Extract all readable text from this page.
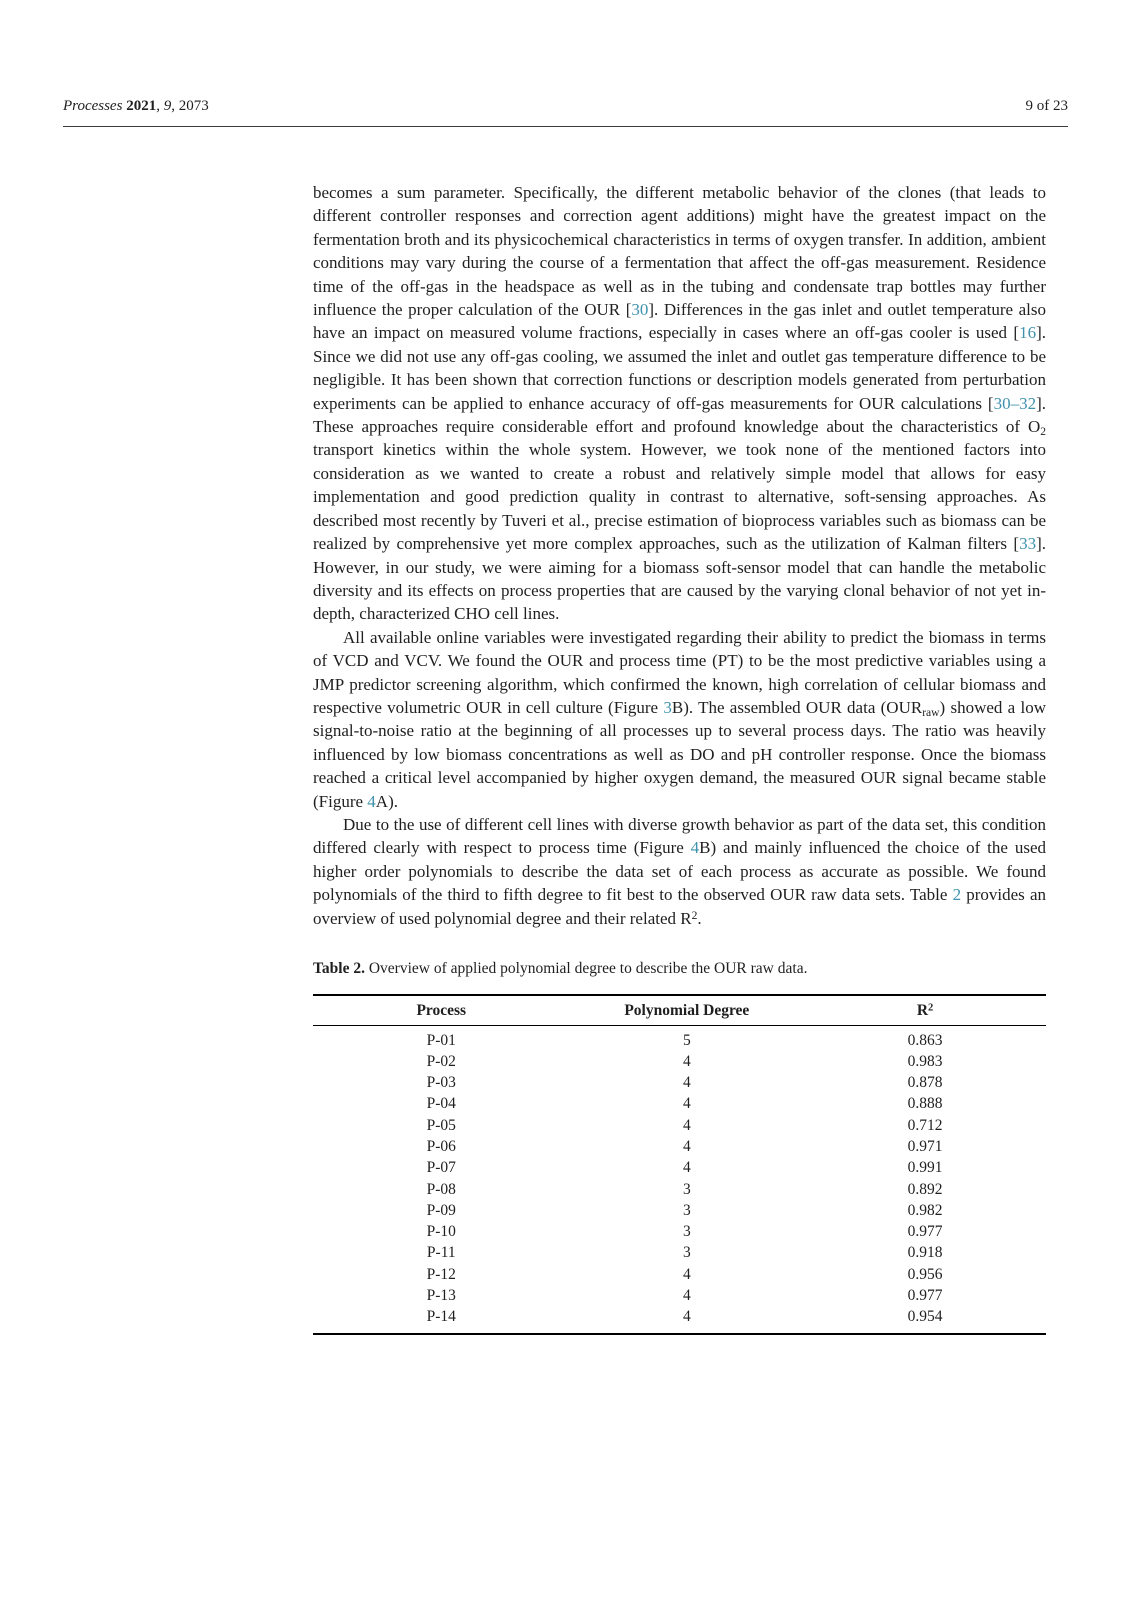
Processes 2021, 9, 2073	9 of 23

becomes a sum parameter. Specifically, the different metabolic behavior of the clones (that leads to different controller responses and correction agent additions) might have the greatest impact on the fermentation broth and its physicochemical characteristics in terms of oxygen transfer. In addition, ambient conditions may vary during the course of a fermentation that affect the off-gas measurement. Residence time of the off-gas in the headspace as well as in the tubing and condensate trap bottles may further influence the proper calculation of the OUR [30]. Differences in the gas inlet and outlet temperature also have an impact on measured volume fractions, especially in cases where an off-gas cooler is used [16]. Since we did not use any off-gas cooling, we assumed the inlet and outlet gas temperature difference to be negligible. It has been shown that correction functions or description models generated from perturbation experiments can be applied to enhance accuracy of off-gas measurements for OUR calculations [30–32]. These approaches require considerable effort and profound knowledge about the characteristics of $O_2$ transport kinetics within the whole system. However, we took none of the mentioned factors into consideration as we wanted to create a robust and relatively simple model that allows for easy implementation and good prediction quality in contrast to alternative, soft-sensing approaches. As described most recently by Tuveri et al., precise estimation of bioprocess variables such as biomass can be realized by comprehensive yet more complex approaches, such as the utilization of Kalman filters [33]. However, in our study, we were aiming for a biomass soft-sensor model that can handle the metabolic diversity and its effects on process properties that are caused by the varying clonal behavior of not yet in-depth, characterized CHO cell lines.

All available online variables were investigated regarding their ability to predict the biomass in terms of VCD and VCV. We found the OUR and process time (PT) to be the most predictive variables using a JMP predictor screening algorithm, which confirmed the known, high correlation of cellular biomass and respective volumetric OUR in cell culture (Figure 3B). The assembled OUR data $(OUR_{raw})$ showed a low signal-to-noise ratio at the beginning of all processes up to several process days. The ratio was heavily influenced by low biomass concentrations as well as DO and pH controller response. Once the biomass reached a critical level accompanied by higher oxygen demand, the measured OUR signal became stable (Figure 4A).

Due to the use of different cell lines with diverse growth behavior as part of the data set, this condition differed clearly with respect to process time (Figure 4B) and mainly influenced the choice of the used higher order polynomials to describe the data set of each process as accurate as possible. We found polynomials of the third to fifth degree to fit best to the observed OUR raw data sets. Table 2 provides an overview of used polynomial degree and their related $R^2$.

Table 2. Overview of applied polynomial degree to describe the OUR raw data.

Process	Polynomial Degree	$R^2$
P-01	5	0.863
P-02	4	0.983
P-03	4	0.878
P-04	4	0.888
P-05	4	0.712
P-06	4	0.971
P-07	4	0.991
P-08	3	0.892
P-09	3	0.982
P-10	3	0.977
P-11	3	0.918
P-12	4	0.956
P-13	4	0.977
P-14	4	0.954
